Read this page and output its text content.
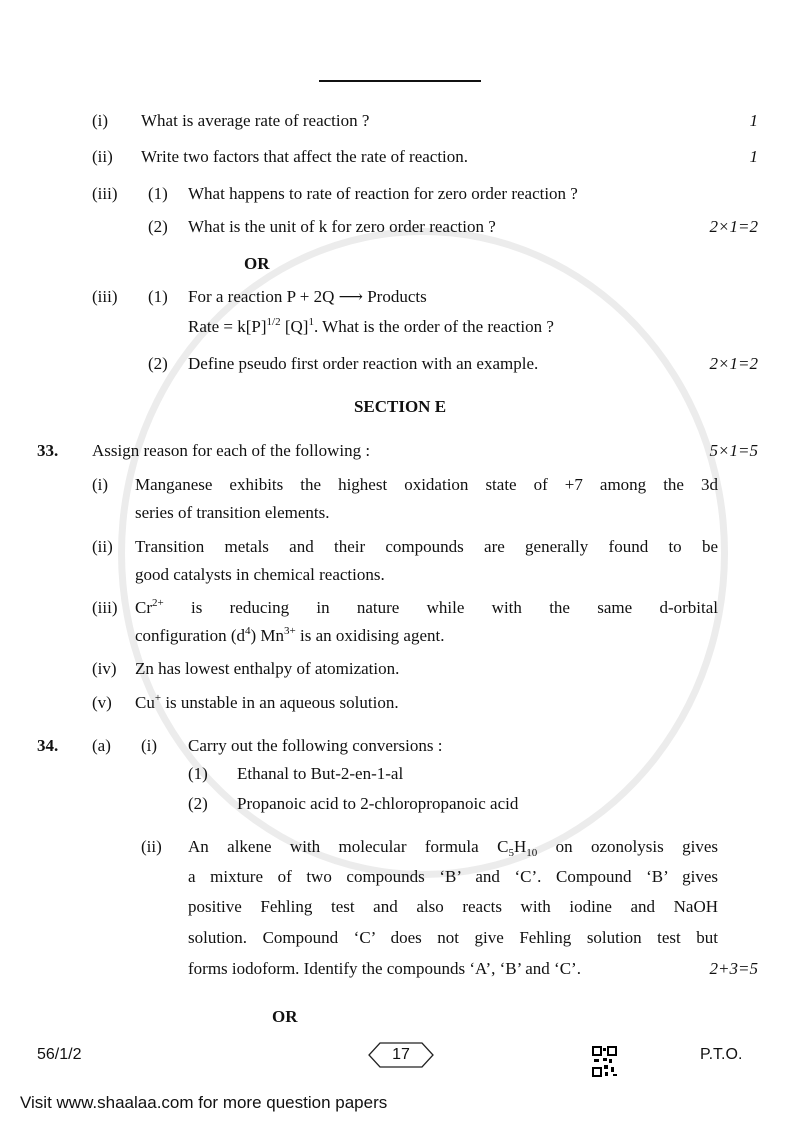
(i) What is average rate of reaction ?	1
(ii) Write two factors that affect the rate of reaction.	1
(iii) (1) What happens to rate of reaction for zero order reaction ?
(2) What is the unit of k for zero order reaction ?	2×1=2
OR
(iii) (1) For a reaction P + 2Q ⟶ Products
Rate = $k[P]^{1/2}$ $[Q]^1$. What is the order of the reaction ?
(2) Define pseudo first order reaction with an example.	2×1=2
SECTION E
33. Assign reason for each of the following :	5×1=5
(i) Manganese exhibits the highest oxidation state of +7 among the 3d
series of transition elements.
(ii) Transition metals and their compounds are generally found to be
good catalysts in chemical reactions.
(iii) $Cr^{2+}$ is reducing in nature while with the same d-orbital
configuration $(d^4)$ $Mn^{3+}$ is an oxidising agent.
(iv) Zn has lowest enthalpy of atomization.
(v) Cu+ is unstable in an aqueous solution.
34. (a) (i) Carry out the following conversions :
(1) Ethanal to But-2-en-1-al
(2) Propanoic acid to 2-chloropropanoic acid
(ii) An alkene with molecular formula $C_5H_{10}$ on ozonolysis gives
a mixture of two compounds ‘B’ and ‘C’. Compound ‘B’ gives
positive Fehling test and also reacts with iodine and NaOH
solution. Compound ‘C’ does not give Fehling solution test but
forms iodoform. Identify the compounds ‘A’, ‘B’ and ‘C’.	2+3=5
OR
56/1/2	17	P.T.O.
Visit www.shaalaa.com for more question papers
